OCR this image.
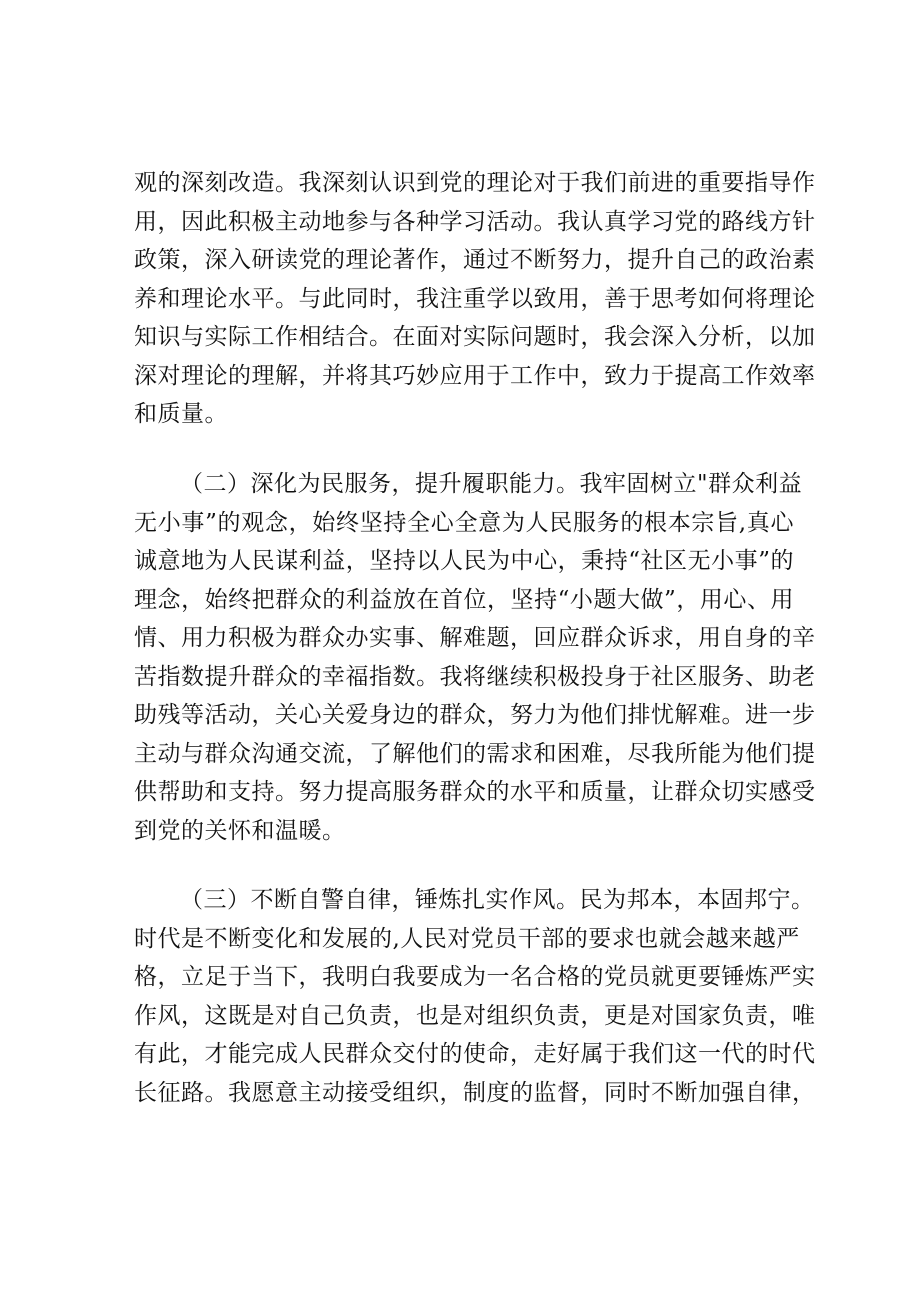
观的深刻改造。我深刻认识到党的理论对于我们前进的重要指导作
用，因此积极主动地参与各种学习活动。我认真学习党的路线方针
政策，深入研读党的理论著作，通过不断努力，提升自己的政治素
养和理论水平。与此同时，我注重学以致用，善于思考如何将理论
知识与实际工作相结合。在面对实际问题时，我会深入分析，以加
深对理论的理解，并将其巧妙应用于工作中，致力于提高工作效率
和质量。
（二）深化为民服务，提升履职能力。我牢固树立"群众利益
无小事”的观念，始终坚持全心全意为人民服务的根本宗旨,真心
诚意地为人民谋利益，坚持以人民为中心，秉持“社区无小事”的
理念，始终把群众的利益放在首位，坚持“小题大做”，用心、用
情、用力积极为群众办实事、解难题，回应群众诉求，用自身的辛
苦指数提升群众的幸福指数。我将继续积极投身于社区服务、助老
助残等活动，关心关爱身边的群众，努力为他们排忧解难。进一步
主动与群众沟通交流，了解他们的需求和困难，尽我所能为他们提
供帮助和支持。努力提高服务群众的水平和质量，让群众切实感受
到党的关怀和温暖。
（三）不断自警自律，锤炼扎实作风。民为邦本，本固邦宁。
时代是不断变化和发展的,人民对党员干部的要求也就会越来越严
格，立足于当下，我明白我要成为一名合格的党员就更要锤炼严实
作风，这既是对自己负责，也是对组织负责，更是对国家负责，唯
有此，才能完成人民群众交付的使命，走好属于我们这一代的时代
长征路。我愿意主动接受组织，制度的监督，同时不断加强自律，
